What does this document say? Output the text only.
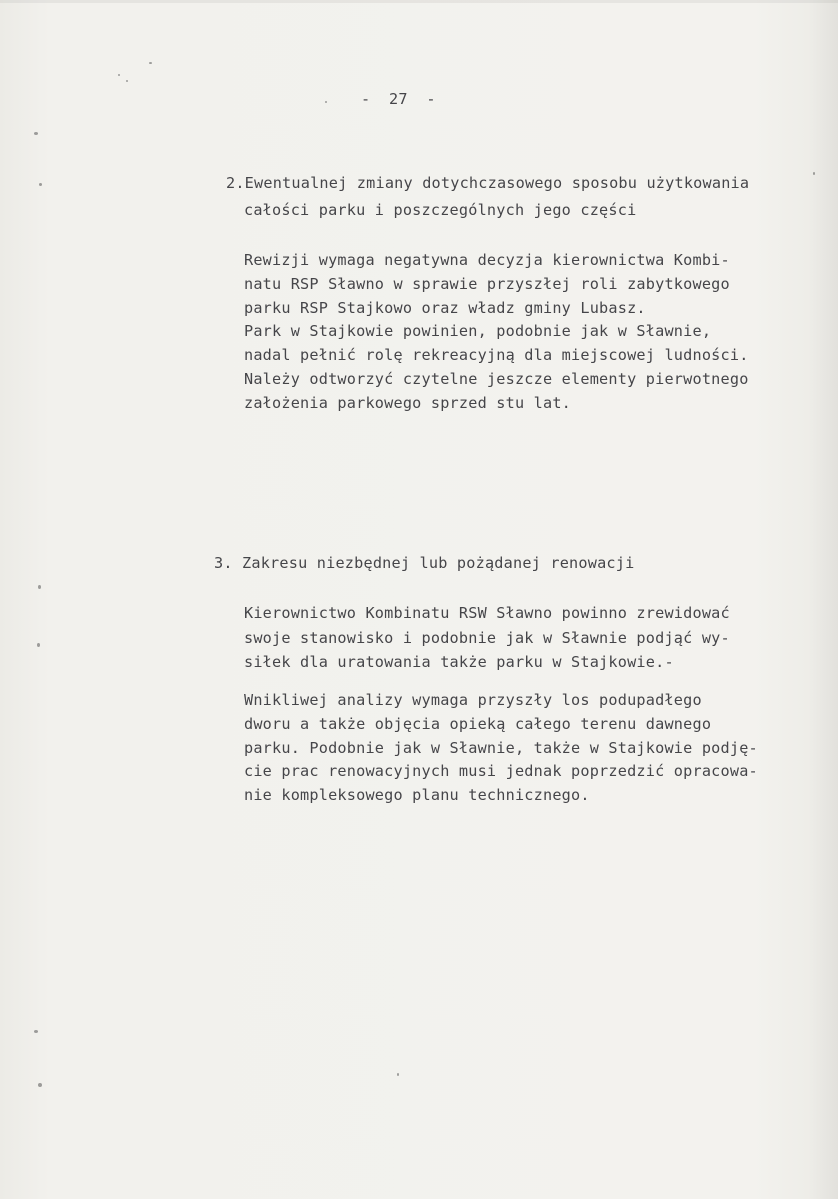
-  27  -
2.Ewentualnej zmiany dotychczasowego sposobu użytkowania
całości parku i poszczególnych jego części
Rewizji wymaga negatywna decyzja kierownictwa Kombi-
natu RSP Sławno w sprawie przyszłej roli zabytkowego
parku RSP Stajkowo oraz władz gminy Lubasz.
Park w Stajkowie powinien, podobnie jak w Sławnie,
nadal pełnić rolę rekreacyjną dla miejscowej ludności.
Należy odtworzyć czytelne jeszcze elementy pierwotnego
założenia parkowego sprzed stu lat.
3. Zakresu niezbędnej lub pożądanej renowacji
Kierownictwo Kombinatu RSW Sławno powinno zrewidować
swoje stanowisko i podobnie jak w Sławnie podjąć wy-
siłek dla uratowania także parku w Stajkowie.-
Wnikliwej analizy wymaga przyszły los podupadłego
dworu a także objęcia opieką całego terenu dawnego
parku. Podobnie jak w Sławnie, także w Stajkowie podję-
cie prac renowacyjnych musi jednak poprzedzić opracowa-
nie kompleksowego planu technicznego.
